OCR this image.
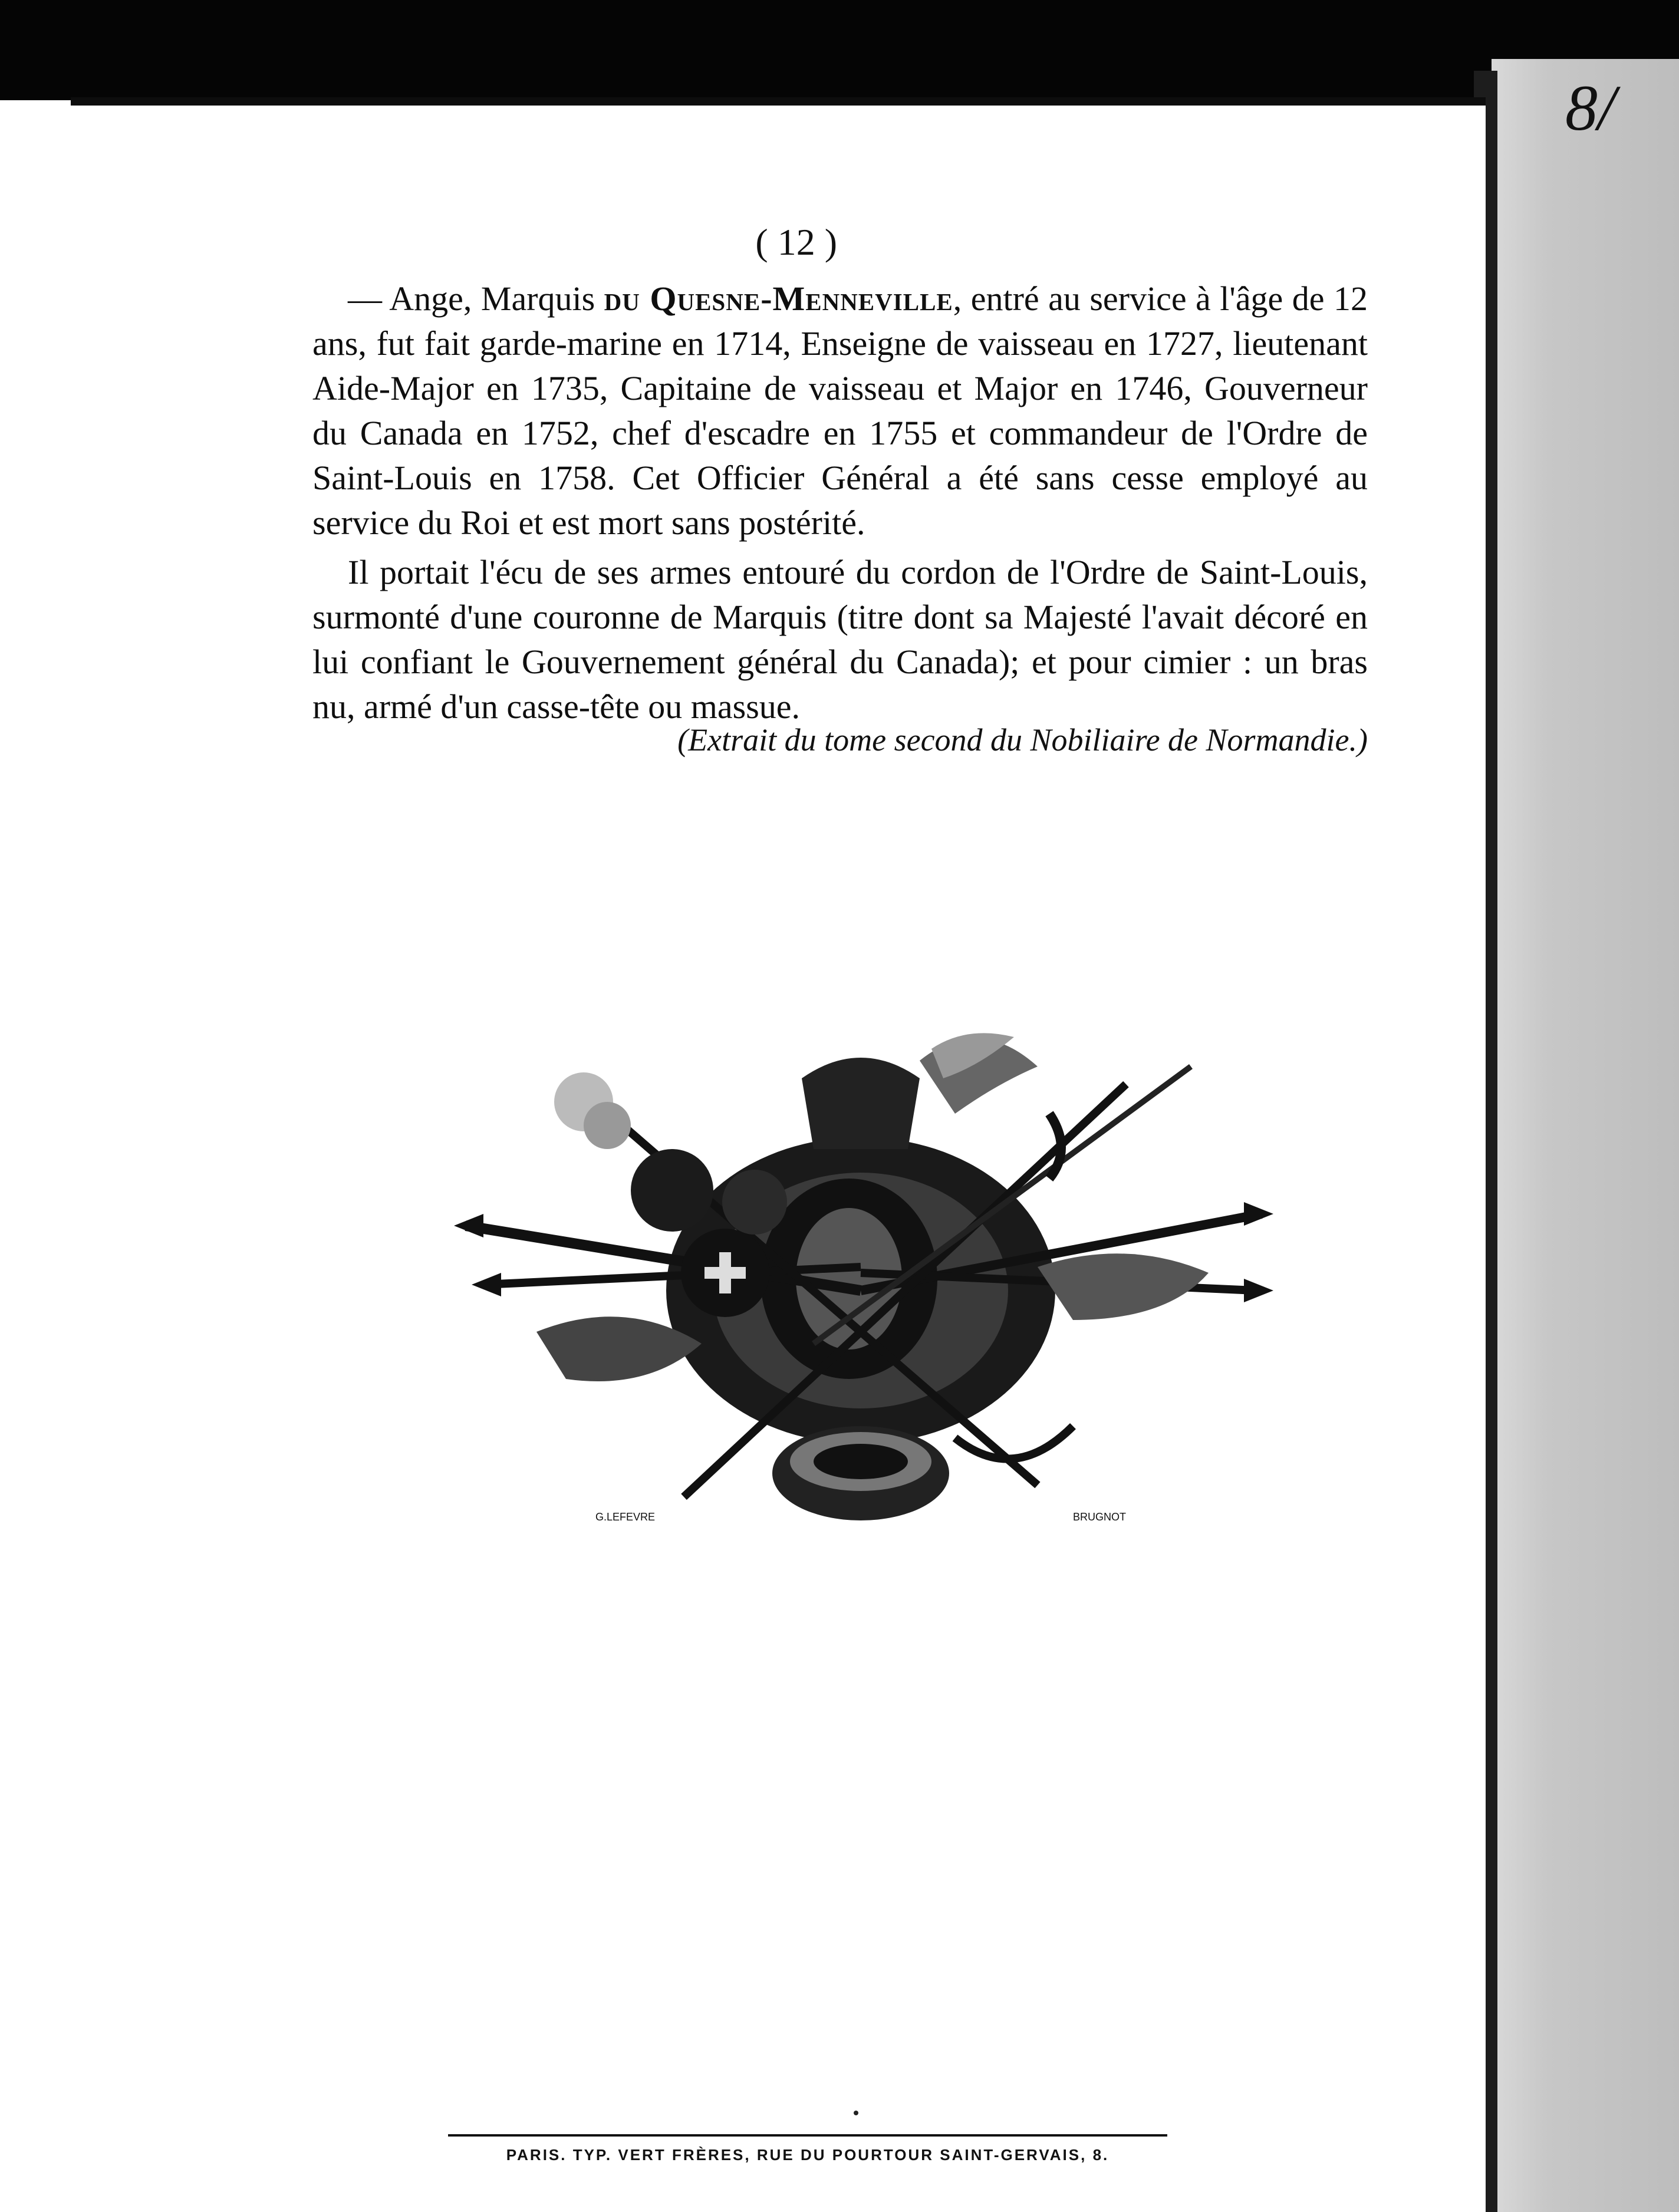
8/
( 12 )

— Ange, Marquis du Quesne-Menneville, entré au service à l'âge de 12 ans, fut fait garde-marine en 1714, Enseigne de vaisseau en 1727, lieutenant Aide-Major en 1735, Capitaine de vaisseau et Major en 1746, Gouverneur du Canada en 1752, chef d'escadre en 1755 et commandeur de l'Ordre de Saint-Louis en 1758. Cet Officier Général a été sans cesse employé au service du Roi et est mort sans postérité.

Il portait l'écu de ses armes entouré du cordon de l'Ordre de Saint-Louis, surmonté d'une couronne de Marquis (titre dont sa Majesté l'avait décoré en lui confiant le Gouvernement général du Canada); et pour cimier : un bras nu, armé d'un casse-tête ou massue.

(Extrait du tome second du Nobiliaire de Normandie.)
G.LEFEVRE	BRUGNOT
PARIS. TYP. VERT FRÈRES, RUE DU POURTOUR SAINT-GERVAIS, 8.
